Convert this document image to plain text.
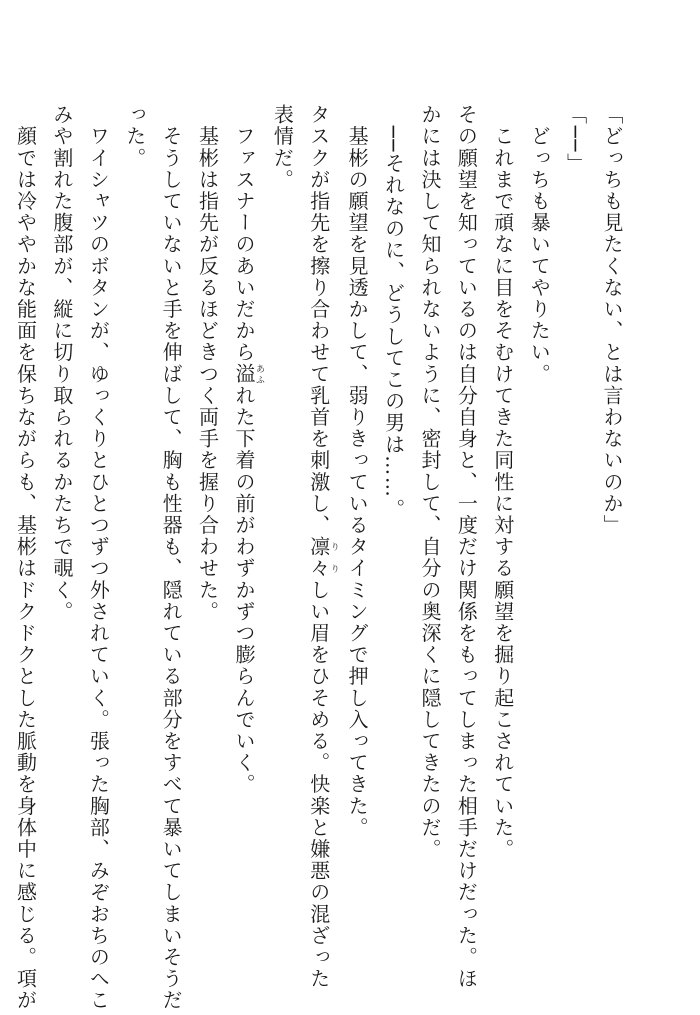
「どっちも見たくない、とは言わないのか」
「──」
　どっちも暴いてやりたい。
　これまで頑なに目をそむけてきた同性に対する願望を掘り起こされていた。
その願望を知っているのは自分自身と、一度だけ関係をもってしまった相手だけだった。ほ
かには決して知られないように、密封して、自分の奥深くに隠してきたのだ。
　──それなのに、どうしてこの男は……。
　基彬の願望を見透かして、弱りきっているタイミングで押し入ってきた。
タスクが指先を擦り合わせて乳首を刺激し、凛り々りしい眉をひそめる。快楽と嫌悪の混ざった
表情だ。
　ファスナーのあいだから溢あふれた下着の前がわずかずつ膨らんでいく。
　基彬は指先が反るほどきつく両手を握り合わせた。
　そうしていないと手を伸ばして、胸も性器も、隠れている部分をすべて暴いてしまいそうだ
った。
　ワイシャツのボタンが、ゆっくりとひとつずつ外されていく。張った胸部、みぞおちのへこ
みや割れた腹部が、縦に切り取られるかたちで覗く。
　顔では冷ややかな能面を保ちながらも、基彬はドクドクとした脈動を身体中に感じる。項が
